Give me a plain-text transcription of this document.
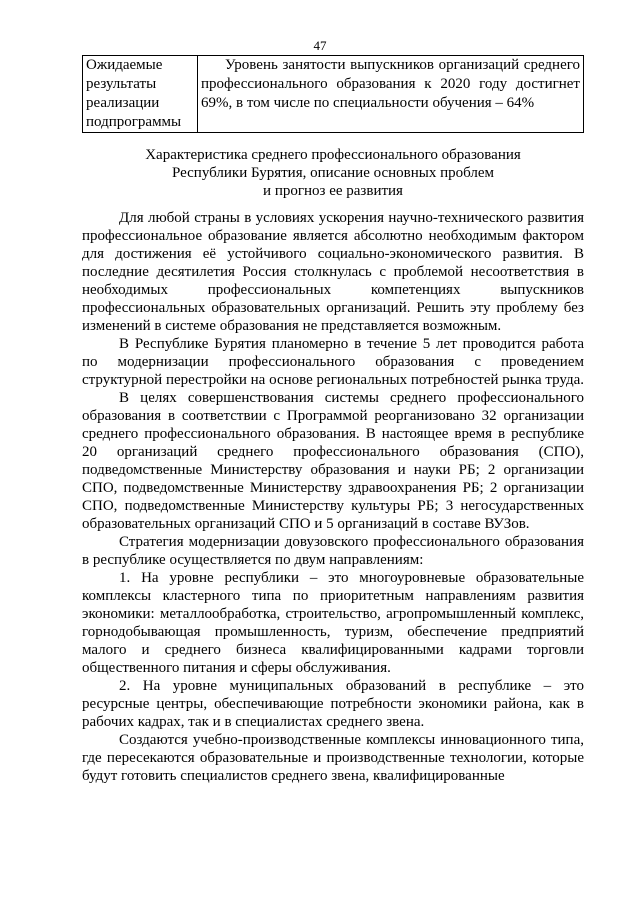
47
Ожидаемые результаты реализации подпрограммы	Уровень занятости выпускников организаций среднего профессионального образования к 2020 году достигнет 69%, в том числе по специальности обучения – 64%
Характеристика среднего профессионального образования
Республики Бурятия, описание основных проблем
и прогноз ее развития

Для любой страны в условиях ускорения научно-технического развития профессиональное образование является абсолютно необходимым фактором для достижения её устойчивого социально-экономического развития. В последние десятилетия Россия столкнулась с проблемой несоответствия в необходимых профессиональных компетенциях выпускников профессиональных образовательных организаций. Решить эту проблему без изменений в системе образования не представляется возможным.

В Республике Бурятия планомерно в течение 5 лет проводится работа по модернизации профессионального образования с проведением структурной перестройки на основе региональных потребностей рынка труда.

В целях совершенствования системы среднего профессионального образования в соответствии с Программой реорганизовано 32 организации среднего профессионального образования. В настоящее время в республике 20 организаций среднего профессионального образования (СПО), подведомственные Министерству образования и науки РБ; 2 организации СПО, подведомственные Министерству здравоохранения РБ; 2 организации СПО, подведомственные Министерству культуры РБ; 3 негосударственных образовательных организаций СПО и 5 организаций в составе ВУЗов.

Стратегия модернизации довузовского профессионального образования в республике осуществляется по двум направлениям:

1. На уровне республики – это многоуровневые образовательные комплексы кластерного типа по приоритетным направлениям развития экономики: металлообработка, строительство, агропромышленный комплекс, горнодобывающая промышленность, туризм, обеспечение предприятий малого и среднего бизнеса квалифицированными кадрами торговли общественного питания и сферы обслуживания.

2. На уровне муниципальных образований в республике – это ресурсные центры, обеспечивающие потребности экономики района, как в рабочих кадрах, так и в специалистах среднего звена.

Создаются учебно-производственные комплексы инновационного типа, где пересекаются образовательные и производственные технологии, которые будут готовить специалистов среднего звена, квалифицированные
